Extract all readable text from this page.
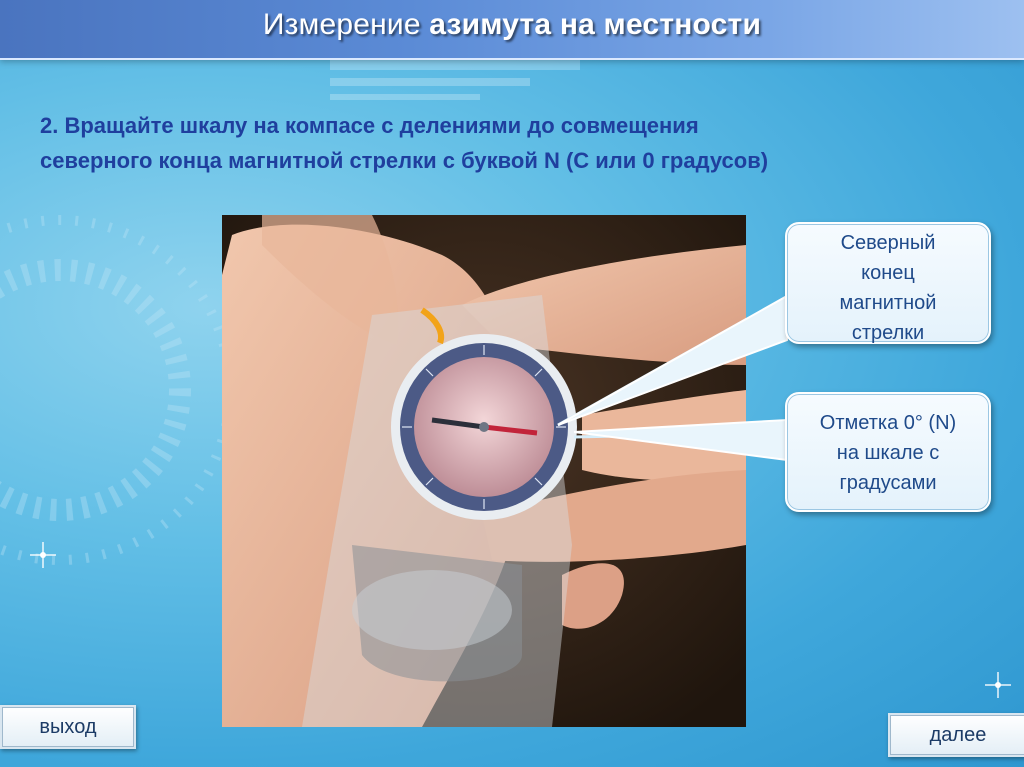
Измерение азимута на местности
2. Вращайте шкалу на компасе с делениями до совмещения
северного конца магнитной стрелки с буквой N (С или 0 градусов)
Северный
конец
магнитной
стрелки
Отметка 0° (N)
на шкале с
градусами
выход	далее
